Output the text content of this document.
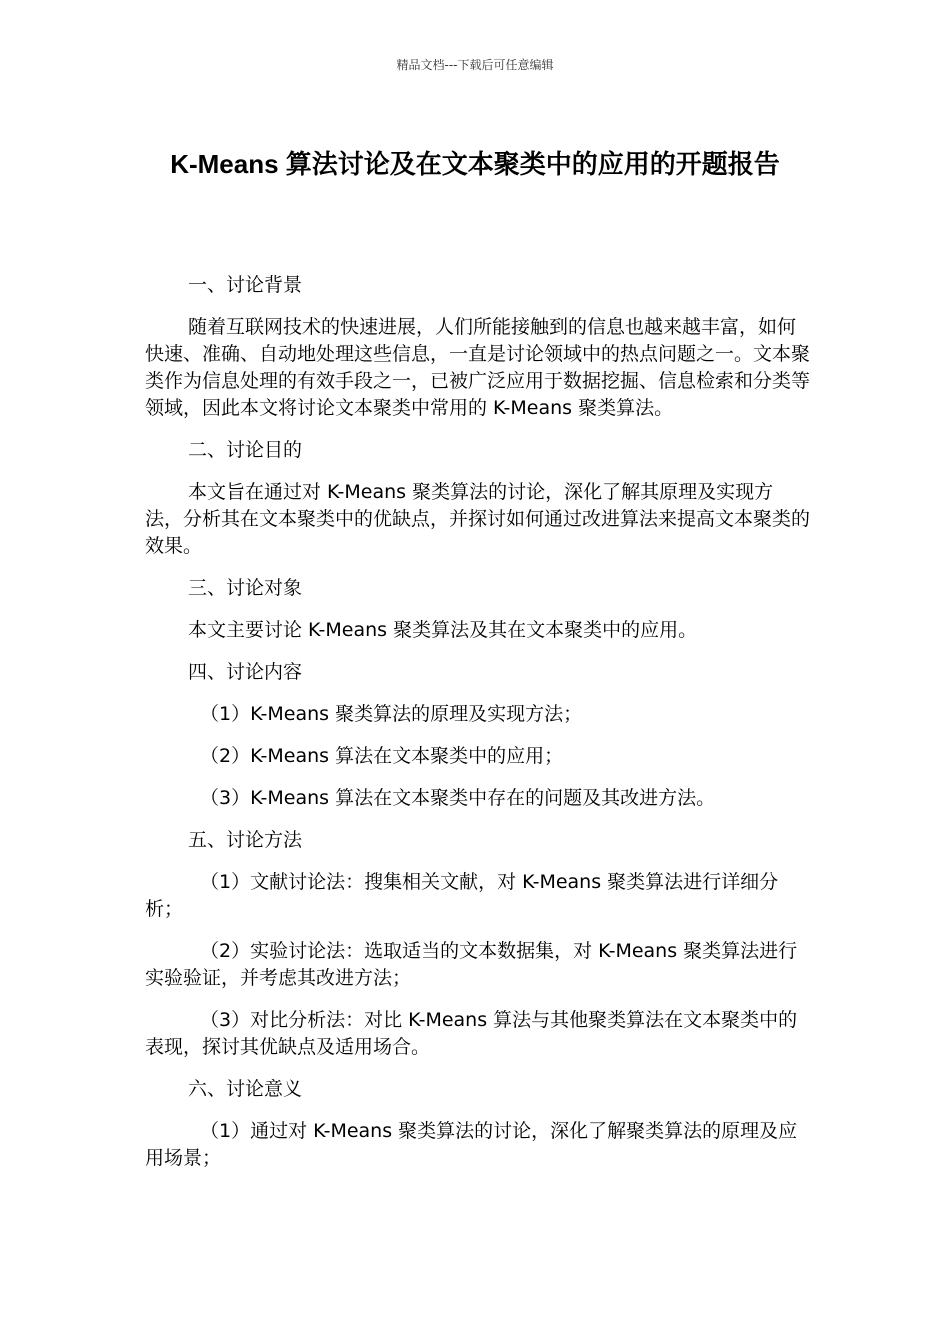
精品文档---下载后可任意编辑
K-Means 算法讨论及在文本聚类中的应用的开题报告

一、讨论背景

随着互联网技术的快速进展，人们所能接触到的信息也越来越丰富，如何快速、准确、自动地处理这些信息，一直是讨论领域中的热点问题之一。文本聚类作为信息处理的有效手段之一，已被广泛应用于数据挖掘、信息检索和分类等领域，因此本文将讨论文本聚类中常用的 K-Means 聚类算法。

二、讨论目的

本文旨在通过对 K-Means 聚类算法的讨论，深化了解其原理及实现方法，分析其在文本聚类中的优缺点，并探讨如何通过改进算法来提高文本聚类的效果。

三、讨论对象

本文主要讨论 K-Means 聚类算法及其在文本聚类中的应用。

四、讨论内容

（1）K-Means 聚类算法的原理及实现方法；

（2）K-Means 算法在文本聚类中的应用；

（3）K-Means 算法在文本聚类中存在的问题及其改进方法。

五、讨论方法

（1）文献讨论法：搜集相关文献，对 K-Means 聚类算法进行详细分析；

（2）实验讨论法：选取适当的文本数据集，对 K-Means 聚类算法进行实验验证，并考虑其改进方法；

（3）对比分析法：对比 K-Means 算法与其他聚类算法在文本聚类中的表现，探讨其优缺点及适用场合。

六、讨论意义

（1）通过对 K-Means 聚类算法的讨论，深化了解聚类算法的原理及应用场景；
